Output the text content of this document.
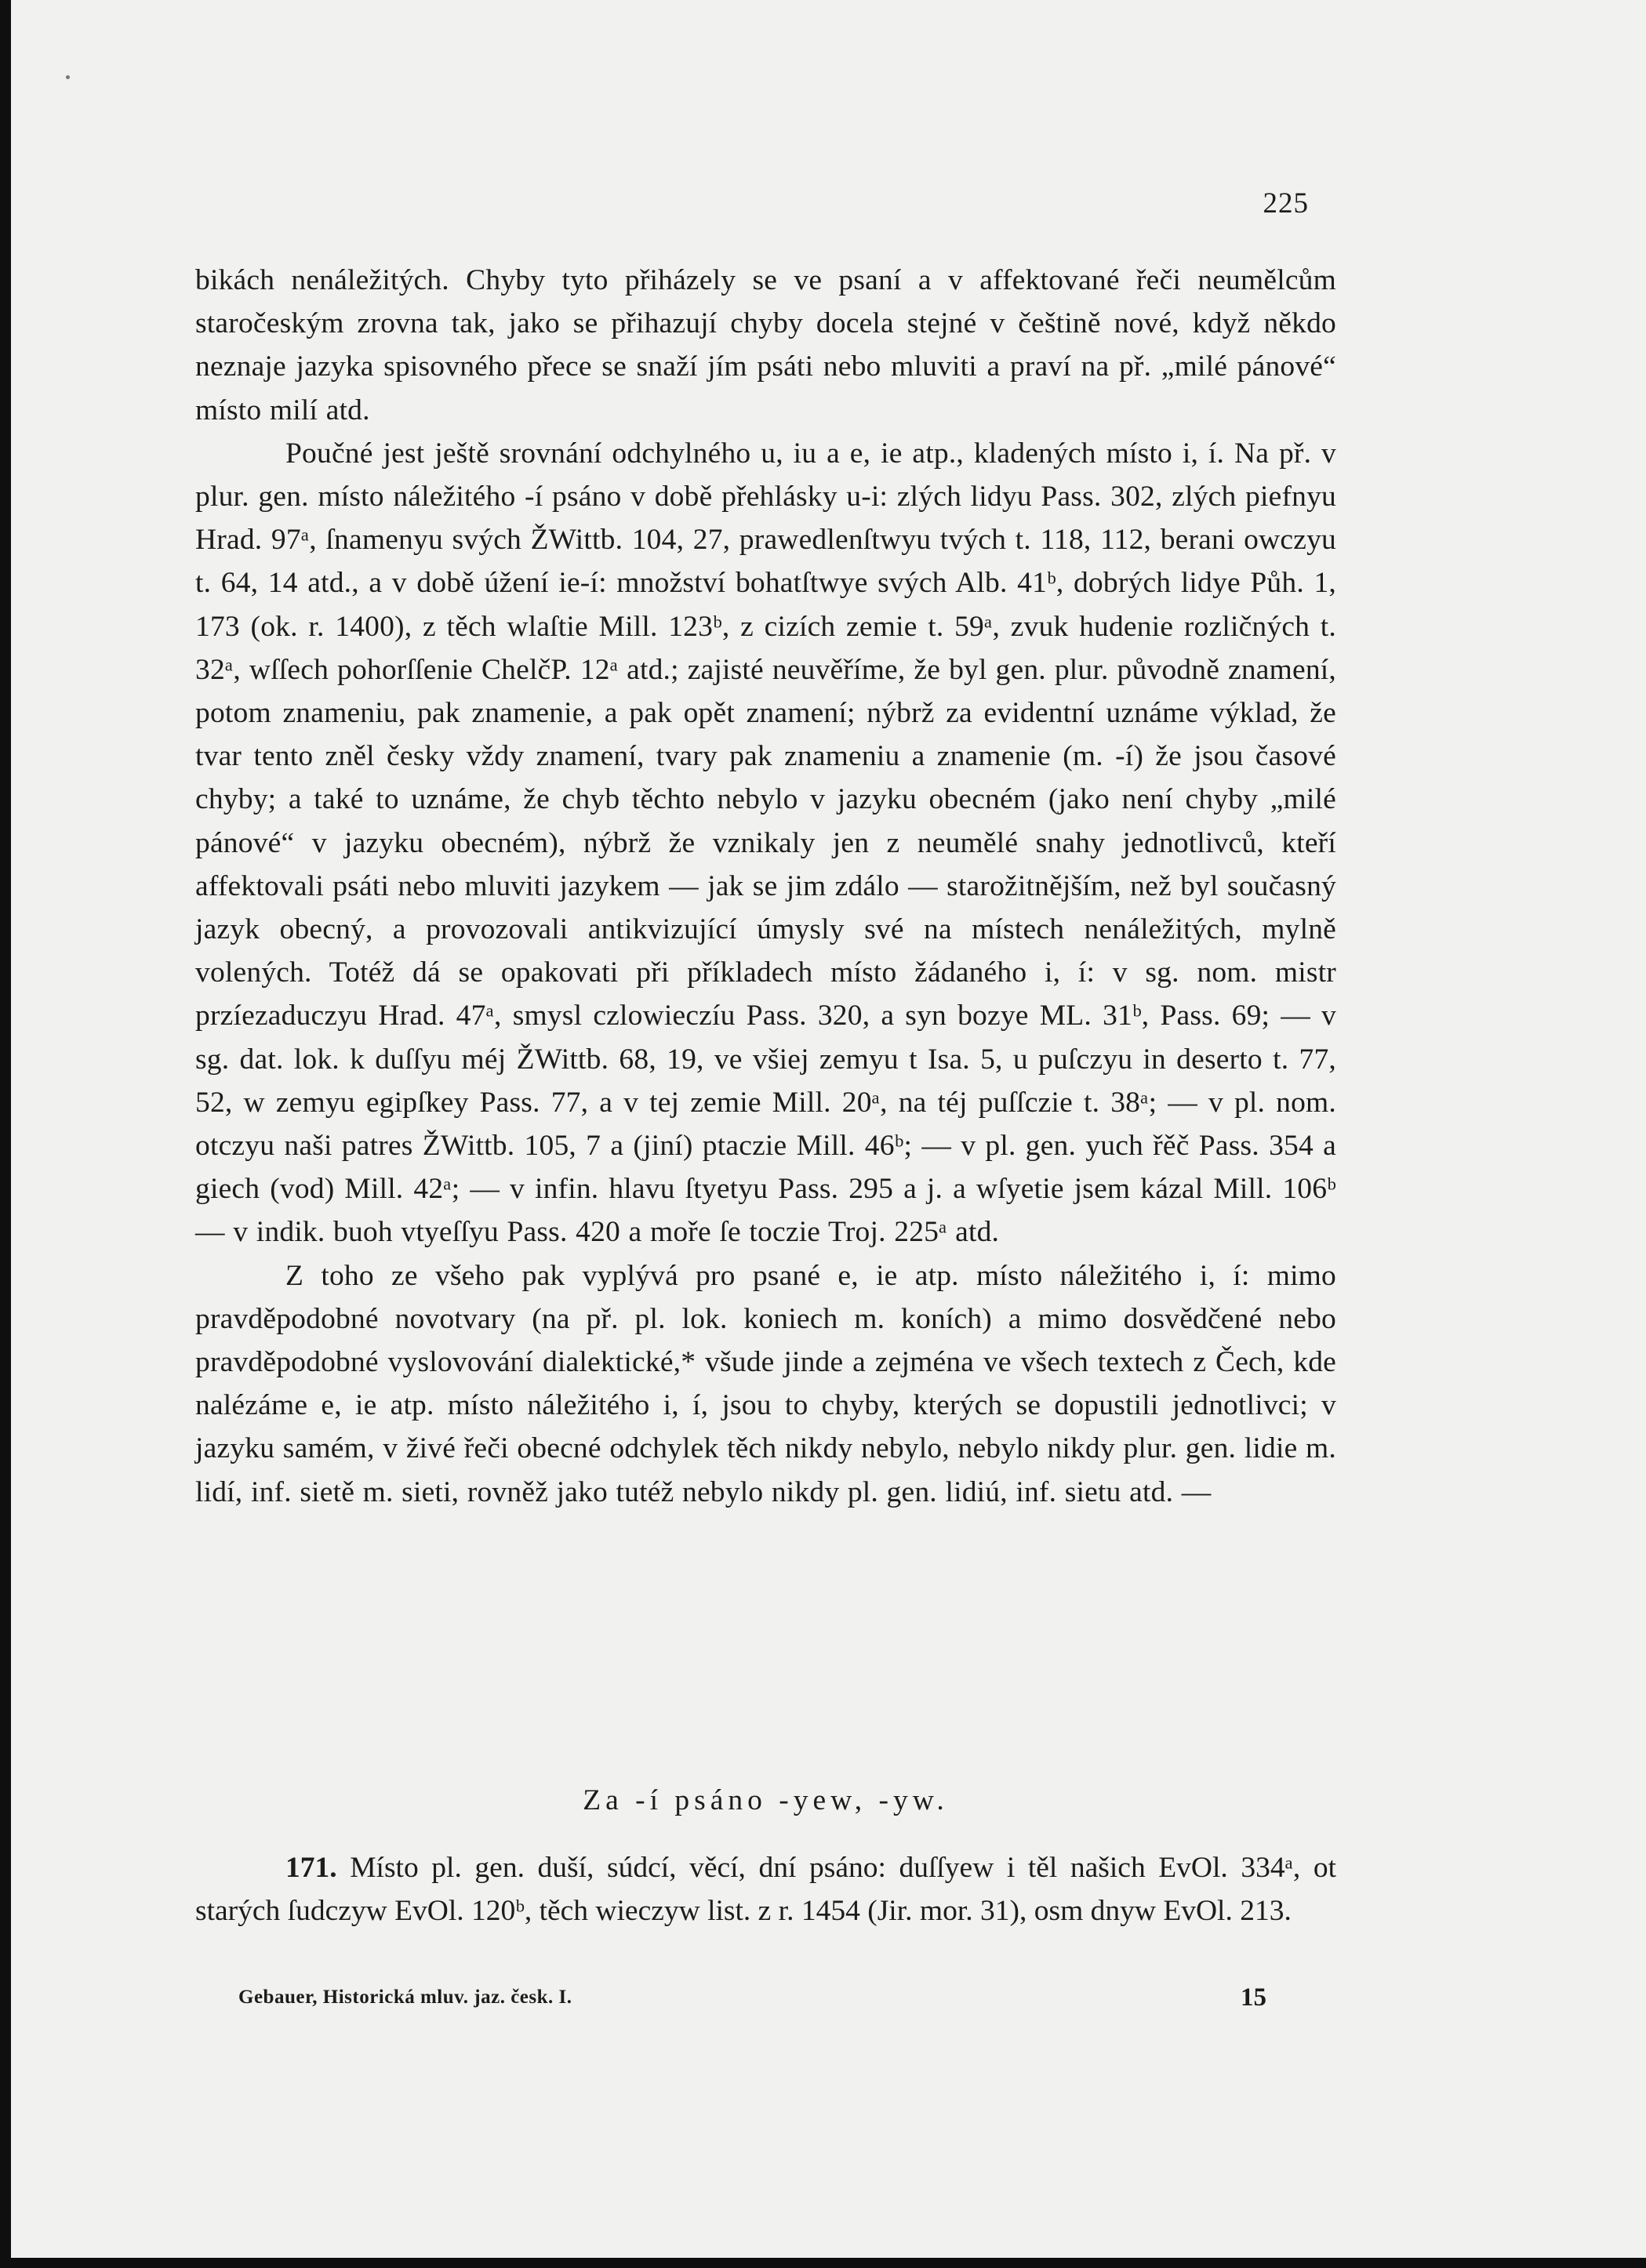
225

bikách nenáležitých. Chyby tyto přiházely se ve psaní a v affektované řeči neumělcům staročeským zrovna tak, jako se přihazují chyby docela stejné v češtině nové, když někdo neznaje jazyka spisovného přece se snaží jím psáti nebo mluviti a praví na př. „milé pánové“ místo milí atd.

Poučné jest ještě srovnání odchylného u, iu a e, ie atp., kladených místo i, í. Na př. v plur. gen. místo náležitého -í psáno v době přehlásky u-i: zlých lidyu Pass. 302, zlých piefnyu Hrad. 97ᵃ, ſnamenyu svých ŽWittb. 104, 27, prawedlenſtwyu tvých t. 118, 112, berani owczyu t. 64, 14 atd., a v době úžení ie-í: množství bohatſtwye svých Alb. 41ᵇ, dobrých lidye Půh. 1, 173 (ok. r. 1400), z těch wlaſtie Mill. 123ᵇ, z cizích zemie t. 59ᵃ, zvuk hudenie rozličných t. 32ᵃ, wſſech pohorſſenie ChelčP. 12ᵃ atd.; zajisté neuvěříme, že byl gen. plur. původně znamení, potom znameniu, pak znamenie, a pak opět znamení; nýbrž za evidentní uznáme výklad, že tvar tento zněl česky vždy znamení, tvary pak znameniu a znamenie (m. -í) že jsou časové chyby; a také to uznáme, že chyb těchto nebylo v jazyku obecném (jako není chyby „milé pánové“ v jazyku obecném), nýbrž že vznikaly jen z neumělé snahy jednotlivců, kteří affektovali psáti nebo mluviti jazykem — jak se jim zdálo — starožitnějším, než byl současný jazyk obecný, a provozovali antikvizující úmysly své na místech nenáležitých, mylně volených. Totéž dá se opakovati při příkladech místo žádaného i, í: v sg. nom. mistr przíezaduczyu Hrad. 47ᵃ, smysl czlowieczíu Pass. 320, a syn bozye ML. 31ᵇ, Pass. 69; — v sg. dat. lok. k duſſyu méj ŽWittb. 68, 19, ve všiej zemyu t Isa. 5, u puſczyu in deserto t. 77, 52, w zemyu egipſkey Pass. 77, a v tej zemie Mill. 20ᵃ, na téj puſſczie t. 38ᵃ; — v pl. nom. otczyu naši patres ŽWittb. 105, 7 a (jiní) ptaczie Mill. 46ᵇ; — v pl. gen. yuch řěč Pass. 354 a giech (vod) Mill. 42ᵃ; — v infin. hlavu ſtyetyu Pass. 295 a j. a wſyetie jsem kázal Mill. 106ᵇ — v indik. buoh vtyeſſyu Pass. 420 a moře ſe toczie Troj. 225ᵃ atd.

Z toho ze všeho pak vyplývá pro psané e, ie atp. místo náležitého i, í: mimo pravděpodobné novotvary (na př. pl. lok. koniech m. koních) a mimo dosvědčené nebo pravděpodobné vyslovování dialektické,* všude jinde a zejména ve všech textech z Čech, kde nalézáme e, ie atp. místo náležitého i, í, jsou to chyby, kterých se dopustili jednotlivci; v jazyku samém, v živé řeči obecné odchylek těch nikdy nebylo, nebylo nikdy plur. gen. lidie m. lidí, inf. sietě m. sieti, rovněž jako tutéž nebylo nikdy pl. gen. lidiú, inf. sietu atd. —

Za -í psáno -yew, -yw.

171. Místo pl. gen. duší, súdcí, věcí, dní psáno: duſſyew i těl našich EvOl. 334ᵃ, ot starých ſudczyw EvOl. 120ᵇ, těch wieczyw list. z r. 1454 (Jir. mor. 31), osm dnyw EvOl. 213.

Gebauer, Historická mluv. jaz. česk. I.	15
